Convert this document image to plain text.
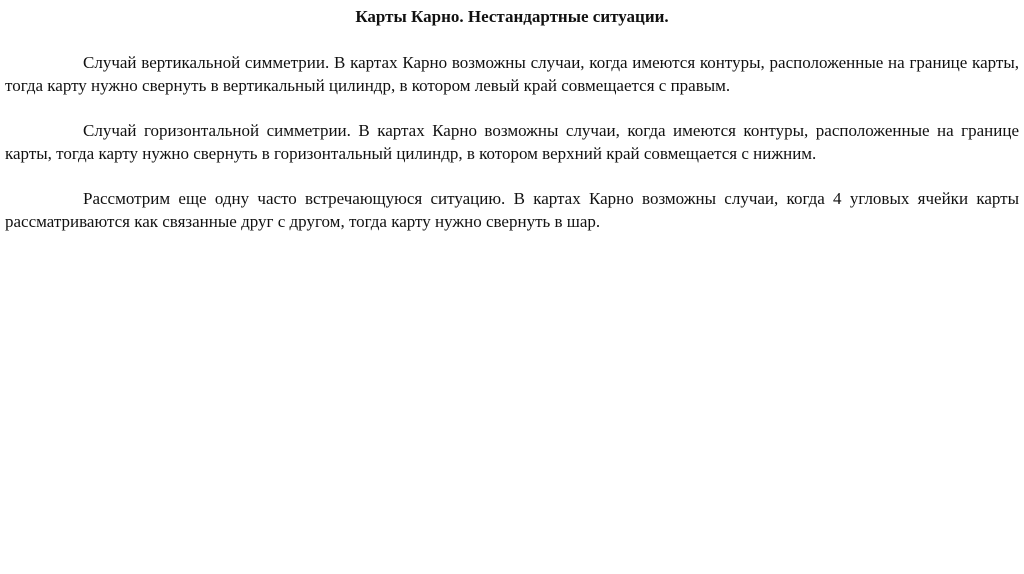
Карты Карно. Нестандартные ситуации.

Случай вертикальной симметрии. В картах Карно возможны случаи, когда имеются контуры, расположенные на границе карты, тогда карту нужно свернуть в вертикальный цилиндр, в котором левый край совмещается с правым.

Случай горизонтальной симметрии. В картах Карно возможны случаи, когда имеются контуры, расположенные на границе карты, тогда карту нужно свернуть в горизонтальный цилиндр, в котором верхний край совмещается с нижним.

Рассмотрим еще одну часто встречающуюся ситуацию. В картах Карно возможны случаи, когда 4 угловых ячейки карты рассматриваются как связанные друг с другом, тогда карту нужно свернуть в шар.
